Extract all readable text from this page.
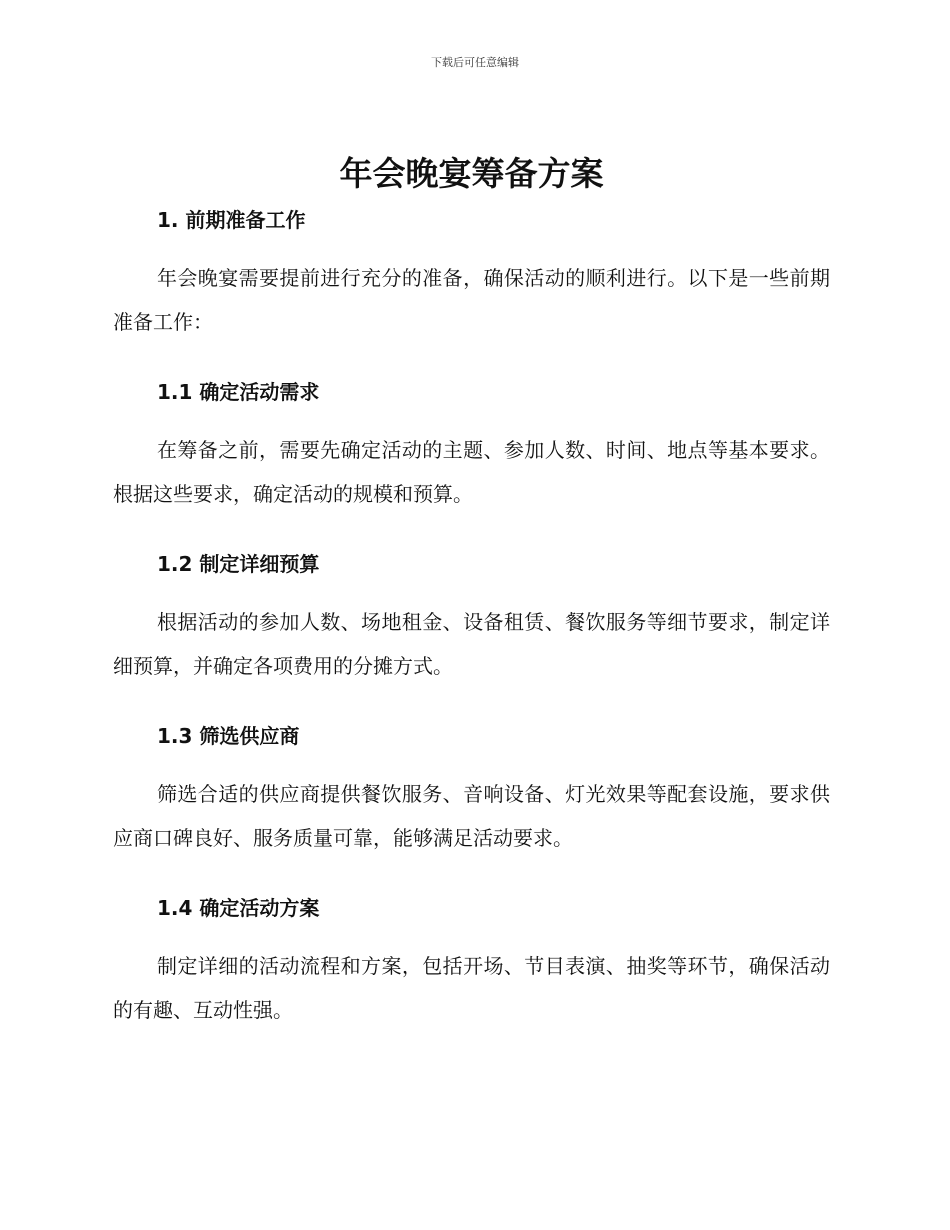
下载后可任意编辑
年会晚宴筹备方案
1. 前期准备工作

年会晚宴需要提前进行充分的准备，确保活动的顺利进行。以下是一些前期准备工作：

1.1 确定活动需求

在筹备之前，需要先确定活动的主题、参加人数、时间、地点等基本要求。根据这些要求，确定活动的规模和预算。

1.2 制定详细预算

根据活动的参加人数、场地租金、设备租赁、餐饮服务等细节要求，制定详细预算，并确定各项费用的分摊方式。

1.3 筛选供应商

筛选合适的供应商提供餐饮服务、音响设备、灯光效果等配套设施，要求供应商口碑良好、服务质量可靠，能够满足活动要求。

1.4 确定活动方案

制定详细的活动流程和方案，包括开场、节目表演、抽奖等环节，确保活动的有趣、互动性强。
